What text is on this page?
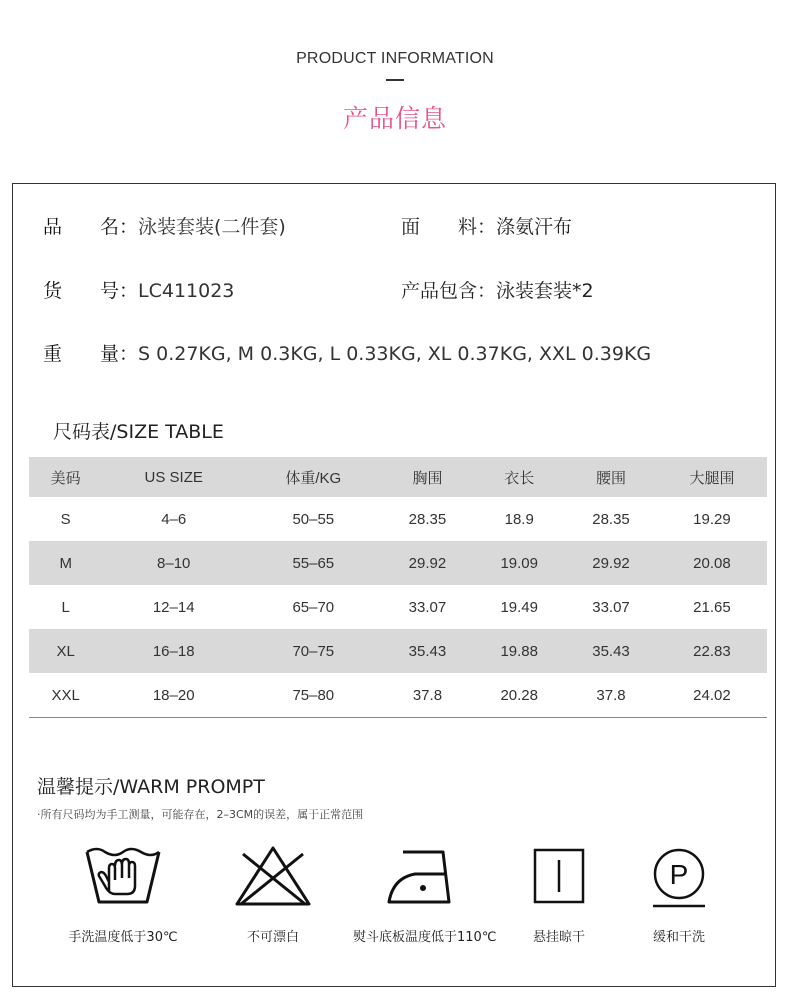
PRODUCT INFORMATION
产品信息
品　　名：泳装套装(二件套)	面　　料：涤氨汗布
货　　号：LC411023	产品包含：泳装套装*2
重　　量：S 0.27KG, M 0.3KG, L 0.33KG, XL 0.37KG, XXL 0.39KG
尺码表/SIZE TABLE
美码	US SIZE	体重/KG	胸围	衣长	腰围	大腿围
S	4–6	50–55	28.35	18.9	28.35	19.29
M	8–10	55–65	29.92	19.09	29.92	20.08
L	12–14	65–70	33.07	19.49	33.07	21.65
XL	16–18	70–75	35.43	19.88	35.43	22.83
XXL	18–20	75–80	37.8	20.28	37.8	24.02
温馨提示/WARM PROMPT
·所有尺码均为手工测量，可能存在，2–3CM的误差，属于正常范围
手洗温度低于30℃	不可漂白	熨斗底板温度低于110℃	悬挂晾干
P
缓和干洗
